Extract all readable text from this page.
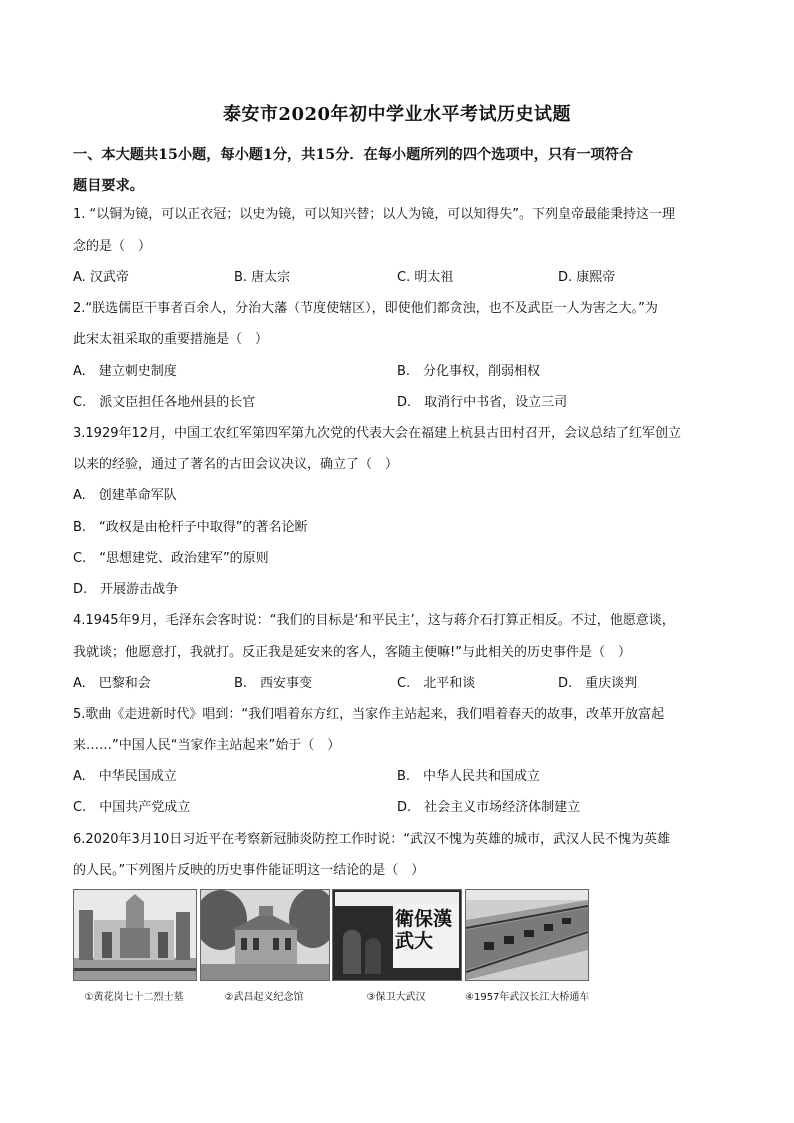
泰安市2020年初中学业水平考试历史试题
一、本大题共15小题，每小题1分，共15分．在每小题所列的四个选项中，只有一项符合
题目要求。
1. “以铜为镜，可以正衣冠；以史为镜，可以知兴替；以人为镜，可以知得失”。下列皇帝最能秉持这一理
念的是（　）
A. 汉武帝	B. 唐太宗	C. 明太祖	D. 康熙帝
2.“朕选儒臣干事者百余人，分治大藩（节度使辖区），即使他们都贪浊，也不及武臣一人为害之大。”为
此宋太祖采取的重要措施是（　）
A.　建立刺史制度	B.　分化事权，削弱相权
C.　派文臣担任各地州县的长官	D.　取消行中书省，设立三司
3.1929年12月，中国工农红军第四军第九次党的代表大会在福建上杭县古田村召开，会议总结了红军创立
以来的经验，通过了著名的古田会议决议，确立了（　）
A.　创建革命军队
B.　“政权是由枪杆子中取得”的著名论断
C.　“思想建党、政治建军”的原则
D.　开展游击战争
4.1945年9月，毛泽东会客时说：“我们的目标是‘和平民主’，这与蒋介石打算正相反。不过，他愿意谈，
我就谈；他愿意打，我就打。反正我是延安来的客人，客随主便嘛!”与此相关的历史事件是（　）
A.　巴黎和会	B.　西安事变	C.　北平和谈	D.　重庆谈判
5.歌曲《走进新时代》唱到：“我们唱着东方红，当家作主站起来，我们唱着春天的故事，改革开放富起
来……”中国人民“当家作主站起来”始于（　）
A.　中华民国成立	B.　中华人民共和国成立
C.　中国共产党成立	D.　社会主义市场经济体制建立
6.2020年3月10日习近平在考察新冠肺炎防控工作时说：“武汉不愧为英雄的城市，武汉人民不愧为英雄
的人民。”下列图片反映的历史事件能证明这一结论的是（　）
①黄花岗七十二烈士墓	②武昌起义纪念馆
衛保漢武大
③保卫大武汉	④1957年武汉长江大桥通车
